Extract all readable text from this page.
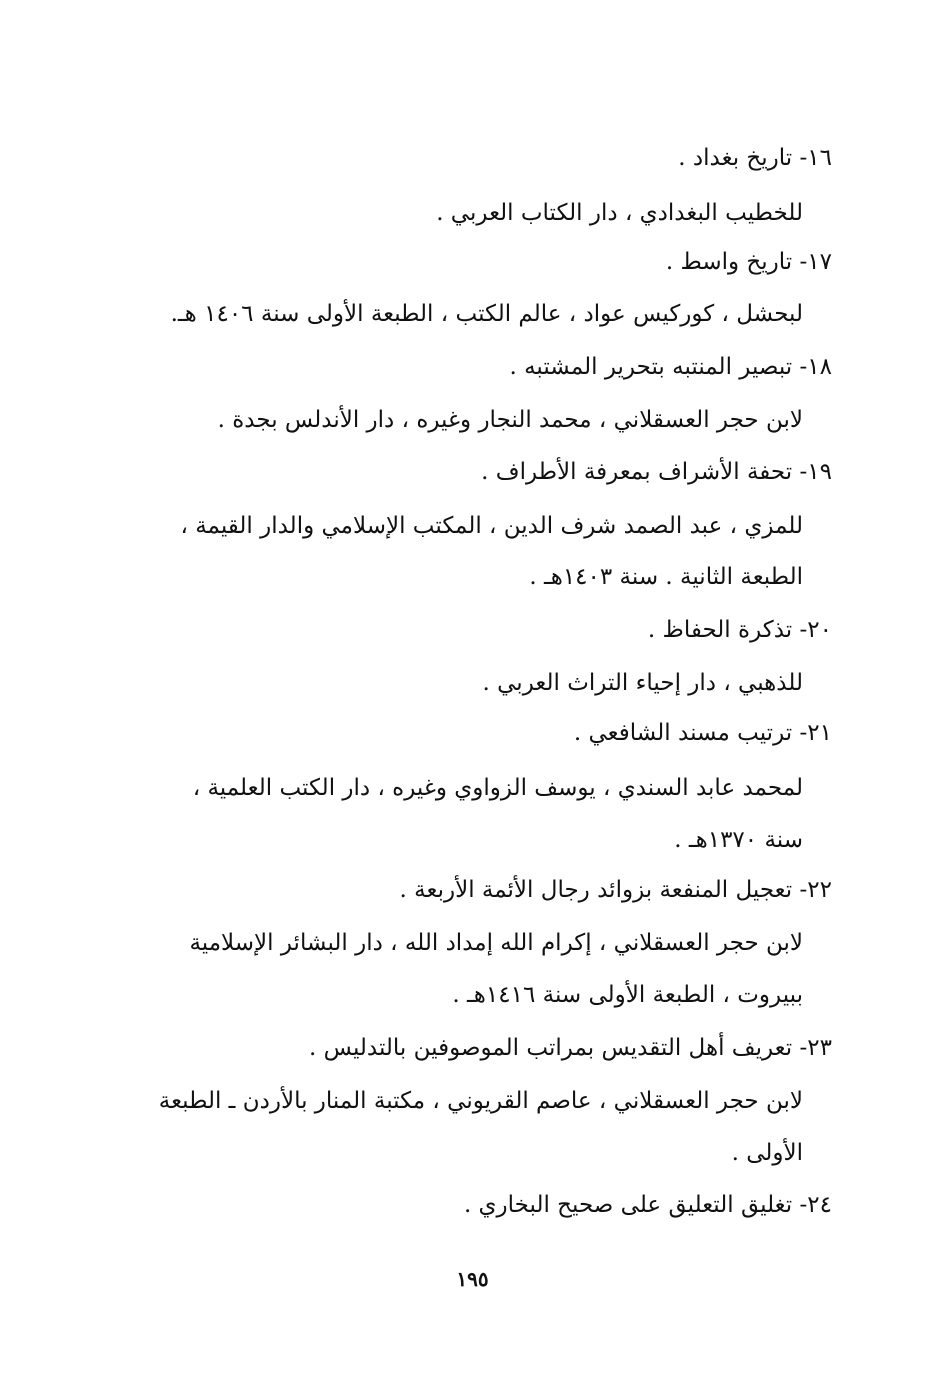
١٦- تاريخ بغداد .
للخطيب البغدادي ، دار الكتاب العربي .
١٧- تاريخ واسط .
لبحشل ، كوركيس عواد ، عالم الكتب ، الطبعة الأولى سنة ١٤٠٦ هـ.
١٨- تبصير المنتبه بتحرير المشتبه .
لابن حجر العسقلاني ، محمد النجار وغيره ، دار الأندلس بجدة .
١٩- تحفة الأشراف بمعرفة الأطراف .
للمزي ، عبد الصمد شرف الدين ، المكتب الإسلامي والدار القيمة ،
الطبعة الثانية . سنة ١٤٠٣هـ .
٢٠- تذكرة الحفاظ .
للذهبي ، دار إحياء التراث العربي .
٢١- ترتيب مسند الشافعي .
لمحمد عابد السندي ، يوسف الزواوي وغيره ، دار الكتب العلمية ،
سنة ١٣٧٠هـ .
٢٢- تعجيل المنفعة بزوائد رجال الأئمة الأربعة .
لابن حجر العسقلاني ، إكرام الله إمداد الله ، دار البشائر الإسلامية
ببيروت ، الطبعة الأولى سنة ١٤١٦هـ .
٢٣- تعريف أهل التقديس بمراتب الموصوفين بالتدليس .
لابن حجر العسقلاني ، عاصم القريوني ، مكتبة المنار بالأردن ـ الطبعة
الأولى .
٢٤- تغليق التعليق على صحيح البخاري .
١٩٥
